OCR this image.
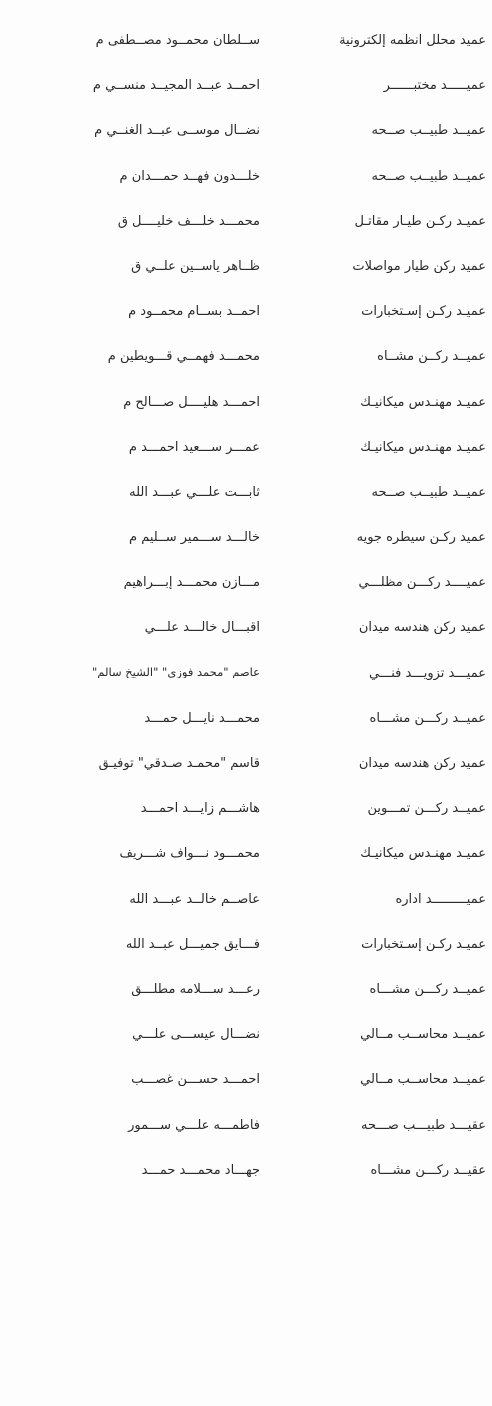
عميد محلل أنظمه إلكترونية
ســلطان محمــود مصــطفى م
عميـــــد مختبــــــر
أحمــد عبــد المجيــد منســي م
عميــد طبيــب صــحه
نضــال موســى عبــد الغنــي م
عميــد طبيــب صــحه
خلـــدون فهــد حمـــدان م
عميـد ركـن طيـار مقاتـل
محمـــد خلـــف خليــــل ق
عميد ركن طيار مواصلات
ظــاهر ياســين علــي ق
عميـد ركـن إسـتخبارات
أحمــد بســام محمــود م
عميــد ركــن مشــاه
محمـــد فهمــي قـــويطين م
عميـد مهنـدس ميكانيـك
أحمـــد هليــــل صـــالح م
عميـد مهنـدس ميكانيـك
عمـــر ســـعيد أحمـــد م
عميــد طبيــب صــحه
ثابـــت علـــي عبـــد الله
عميد ركـن سيطره جويه
خالـــد ســـمير ســليم م
عميــــد ركـــن مظلـــي
مـــازن محمـــد إبـــراهيم
عميد ركن هندسه ميدان
اقبـــال خالـــد علـــي
عميـــد تزويـــد فنـــي
عاصم "محمد فوزي" "الشيخ سالم"
عميــد ركـــن مشـــاه
محمـــد نايـــل حمـــد
عميد ركن هندسه ميدان
قاسم "محمـد صـدقي" توفيـق
عميــد ركـــن تمـــوين
هاشـــم زايـــد أحمـــد
عميـد مهنـدس ميكانيـك
محمـــود نـــواف شـــريف
عميـــــــــد اداره
عاصــم خالــد عبـــد الله
عميـد ركـن إسـتخبارات
فـــايق جميـــل عبــد الله
عميــد ركـــن مشـــاه
رعـــد ســـلامه مطلـــق
عميــد محاســب مــالي
نضـــال عيســـى علـــي
عميــد محاســب مــالي
أحمـــد حســـن غصـــب
عقيـــد طبيـــب صـــحه
فاطمـــه علـــي ســـمور
عقيــد ركـــن مشـــاه
جهـــاد محمـــد حمـــد
